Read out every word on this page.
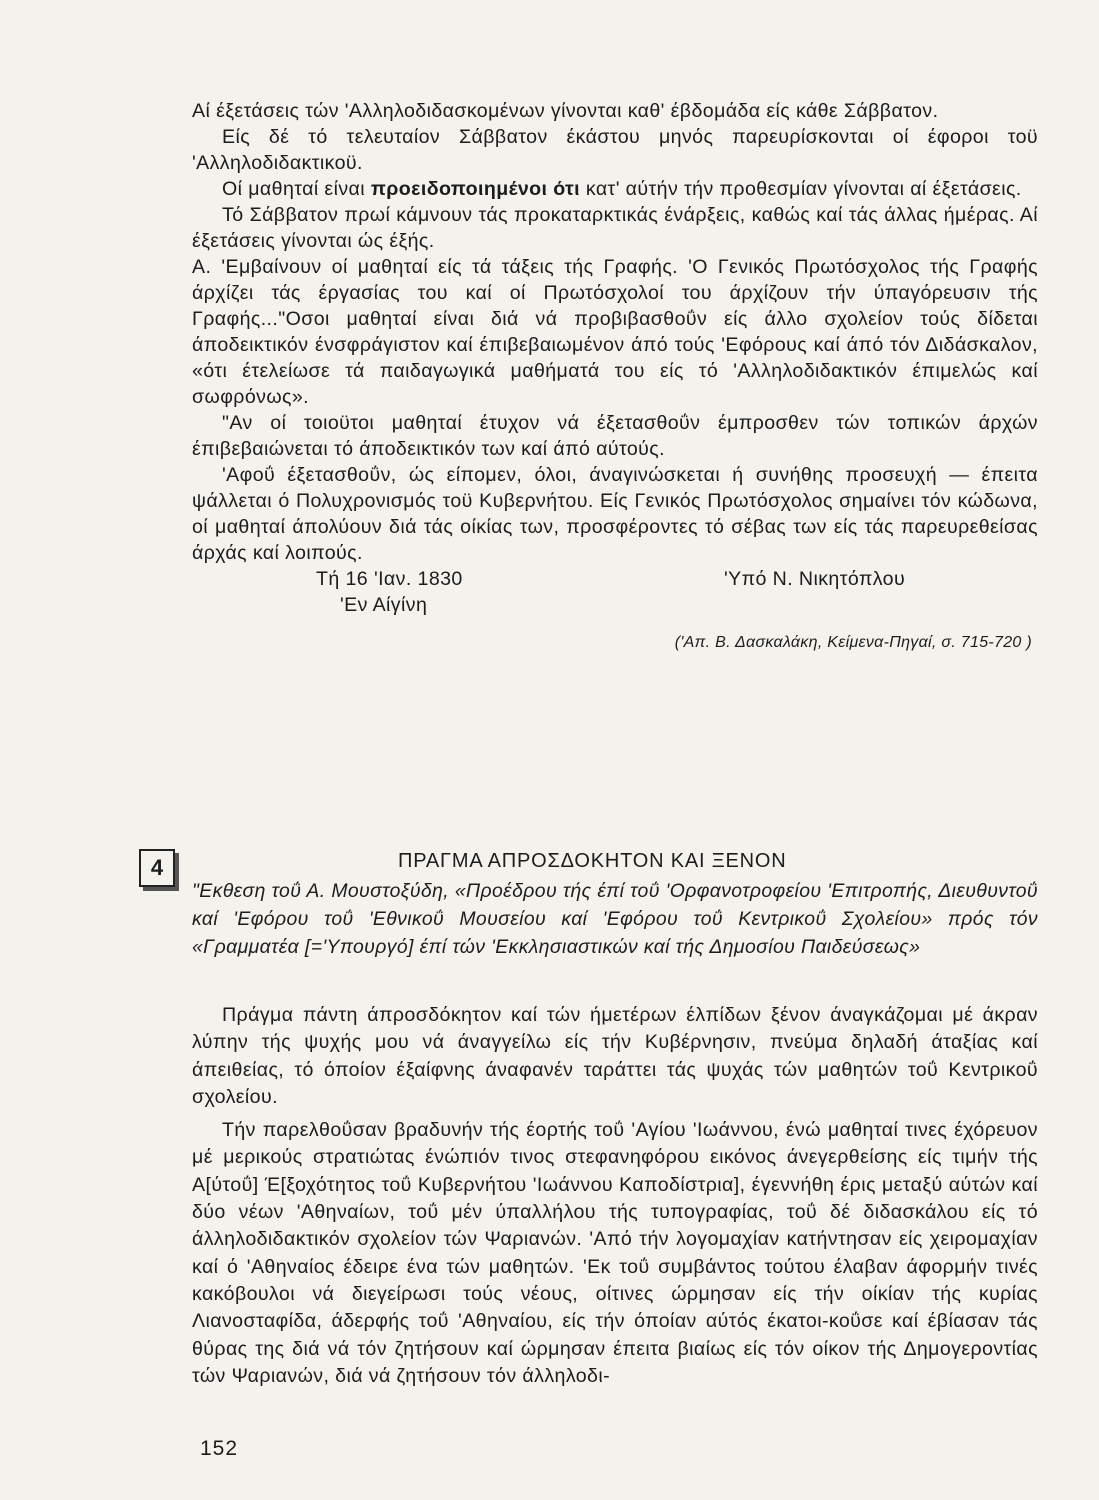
Αί έξετάσεις τών 'Αλληλοδιδασκομένων γίνονται καθ' έβδομάδα είς κάθε Σάββατον.

Είς δέ τό τελευταίον Σάββατον έκάστου μηνός παρευρίσκονται οί έφοροι τοϋ 'Αλληλοδιδακτικοϋ.

Οί μαθηταί είναι προειδοποιημένοι ότι κατ' αύτήν τήν προθεσμίαν γίνονται αί έξετάσεις.

Τό Σάββατον πρωί κάμνουν τάς προκαταρκτικάς ένάρξεις, καθώς καί τάς άλλας ήμέρας. Αί έξετάσεις γίνονται ώς έξής.

Α. 'Εμβαίνουν οί μαθηταί είς τά τάξεις τής Γραφής. 'Ο Γενικός Πρωτόσχολος τής Γραφής άρχίζει τάς έργασίας του καί οί Πρωτόσχολοί του άρχίζουν τήν ύπαγόρευσιν τής Γραφής..."Οσοι μαθηταί είναι διά νά προβιβασθοΰν είς άλλο σχολείον τούς δίδεται άποδεικτικόν ένσφράγιστον καί έπιβεβαιωμένον άπό τούς 'Εφόρους καί άπό τόν Διδάσκαλον, «ότι έτελείωσε τά παιδαγωγικά μαθήματά του είς τό 'Αλληλοδιδακτικόν έπιμελώς καί σωφρόνως».

"Αν οί τοιοϋτοι μαθηταί έτυχον νά έξετασθοΰν έμπροσθεν τών τοπικών άρχών έπιβεβαιώνεται τό άποδεικτικόν των καί άπό αύτούς.

'Αφοΰ έξετασθοΰν, ώς είπομεν, όλοι, άναγινώσκεται ή συνήθης προσευχή — έπειτα ψάλλεται ό Πολυχρονισμός τοϋ Κυβερνήτου. Είς Γενικός Πρωτόσχολος σημαίνει τόν κώδωνα, οί μαθηταί άπολύουν διά τάς οίκίας των, προσφέροντες τό σέβας των είς τάς παρευρεθείσας άρχάς καί λοιπούς.

Τή 16 'Ιαν. 1830	'Υπό Ν. Νικητόπλου
'Εν Αίγίνη
('Απ. Β. Δασκαλάκη, Κείμενα-Πηγαί, σ. 715-720 )
4	ΠΡΑΓΜΑ ΑΠΡΟΣΔΟΚΗΤΟΝ ΚΑΙ ΞΕΝΟΝ

"Εκθεση τοΰ Α. Μουστοξύδη, «Προέδρου τής έπί τοΰ 'Ορφανοτροφείου 'Επιτροπής, Διευθυντοΰ καί 'Εφόρου τοΰ 'Εθνικοΰ Μουσείου καί 'Εφόρου τοΰ Κεντρικοΰ Σχολείου» πρός τόν «Γραμματέα [='Υπουργό] έπί τών 'Εκκλησιαστικών καί τής Δημοσίου Παιδεύσεως»

Πράγμα πάντη άπροσδόκητον καί τών ήμετέρων έλπίδων ξένον άναγκάζομαι μέ άκραν λύπην τής ψυχής μου νά άναγγείλω είς τήν Κυβέρνησιν, πνεύμα δηλαδή άταξίας καί άπειθείας, τό όποίον έξαίφνης άναφανέν ταράττει τάς ψυχάς τών μαθητών τοΰ Κεντρικοΰ σχολείου.

Τήν παρελθοΰσαν βραδυνήν τής έορτής τοΰ 'Αγίου 'Ιωάννου, ένώ μαθηταί τινες έχόρευον μέ μερικούς στρατιώτας ένώπιόν τινος στεφανηφόρου εικόνος άνεγερθείσης είς τιμήν τής Α[ύτοΰ] Έ[ξοχότητος τοΰ Κυβερνήτου 'Ιωάννου Καποδίστρια], έγεννήθη έρις μεταξύ αύτών καί δύο νέων 'Αθηναίων, τοΰ μέν ύπαλλήλου τής τυπογραφίας, τοΰ δέ διδασκάλου είς τό άλληλοδιδακτικόν σχολείον τών Ψαριανών. 'Από τήν λογομαχίαν κατήντησαν είς χειρομαχίαν καί ό 'Αθηναίος έδειρε ένα τών μαθητών. 'Εκ τοΰ συμβάντος τούτου έλαβαν άφορμήν τινές κακόβουλοι νά διεγείρωσι τούς νέους, οίτινες ώρμησαν είς τήν οίκίαν τής κυρίας Λιανοσταφίδα, άδερφής τοΰ 'Αθηναίου, είς τήν όποίαν αύτός έκατοι-κοΰσε καί έβίασαν τάς θύρας της διά νά τόν ζητήσουν καί ώρμησαν έπειτα βιαίως είς τόν οίκον τής Δημογεροντίας τών Ψαριανών, διά νά ζητήσουν τόν άλληλοδι-

152
